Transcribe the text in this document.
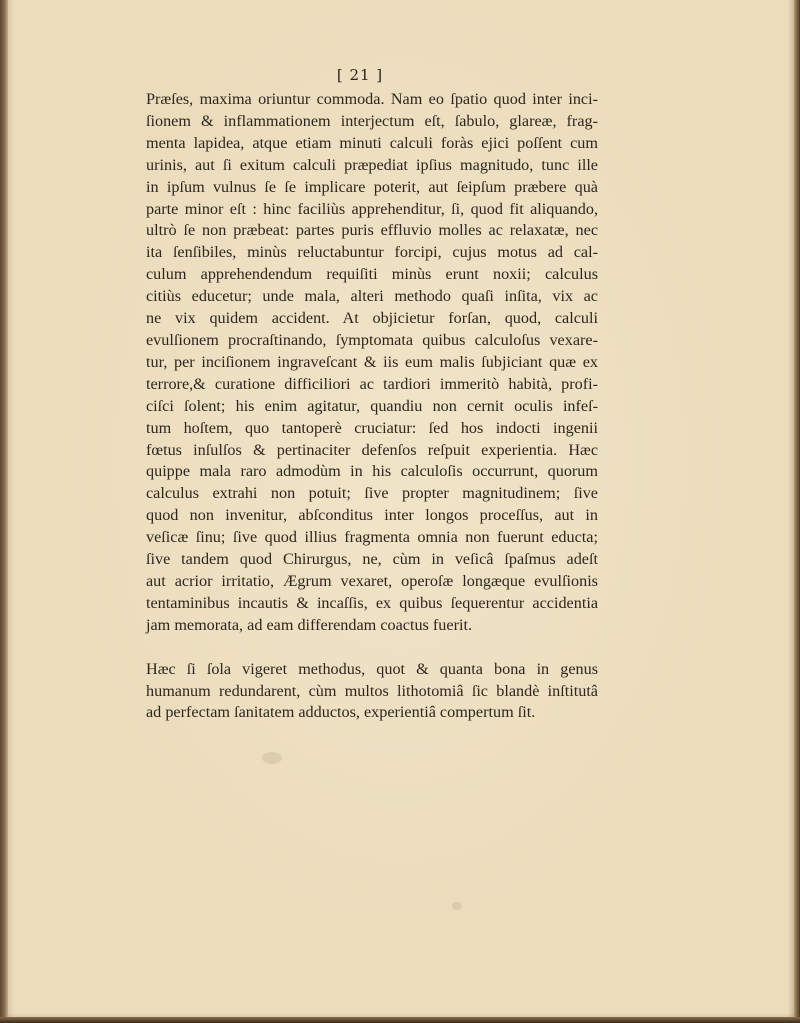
[ 21 ]
Præſes, maxima oriuntur commoda. Nam eo ſpatio quod inter inci-
ſionem & inflammationem interjectum eſt, ſabulo, glareæ, frag-
menta lapidea, atque etiam minuti calculi foràs ejici poſſent cum
urinis, aut ſi exitum calculi præpediat ipſius magnitudo, tunc ille
in ipſum vulnus ſe ſe implicare poterit, aut ſeipſum præbere quà
parte minor eſt : hinc faciliùs apprehenditur, ſi, quod fit aliquando,
ultrò ſe non præbeat: partes puris effluvio molles ac relaxatæ, nec
ita ſenſibiles, minùs reluctabuntur forcipi, cujus motus ad cal-
culum apprehendendum requiſiti minùs erunt noxii; calculus
citiùs educetur; unde mala, alteri methodo quaſi inſita, vix ac
ne vix quidem accident. At objicietur forſan, quod, calculi
evulſionem procraſtinando, ſymptomata quibus calculoſus vexare-
tur, per inciſionem ingraveſcant & iis eum malis ſubjiciant quæ ex
terrore,& curatione difficiliori ac tardiori immeritò habità, profi-
ciſci ſolent; his enim agitatur, quandiu non cernit oculis infeſ-
tum hoſtem, quo tantoperè cruciatur: ſed hos indocti ingenii
fœtus inſulſos & pertinaciter defenſos reſpuit experientia. Hæc
quippe mala raro admodùm in his calculoſis occurrunt, quorum
calculus extrahi non potuit; ſive propter magnitudinem; ſive
quod non invenitur, abſconditus inter longos proceſſus, aut in
veſicæ ſinu; ſive quod illius fragmenta omnia non fuerunt educta;
ſive tandem quod Chirurgus, ne, cùm in veſicâ ſpaſmus adeſt
aut acrior irritatio, Ægrum vexaret, operoſæ longæque evulſionis
tentaminibus incautis & incaſſis, ex quibus ſequerentur accidentia
jam memorata, ad eam differendam coactus fuerit.
Hæc ſi ſola vigeret methodus, quot & quanta bona in genus
humanum redundarent, cùm multos lithotomiâ ſic blandè inſtitutâ
ad perfectam ſanitatem adductos, experientiâ compertum ſit.
